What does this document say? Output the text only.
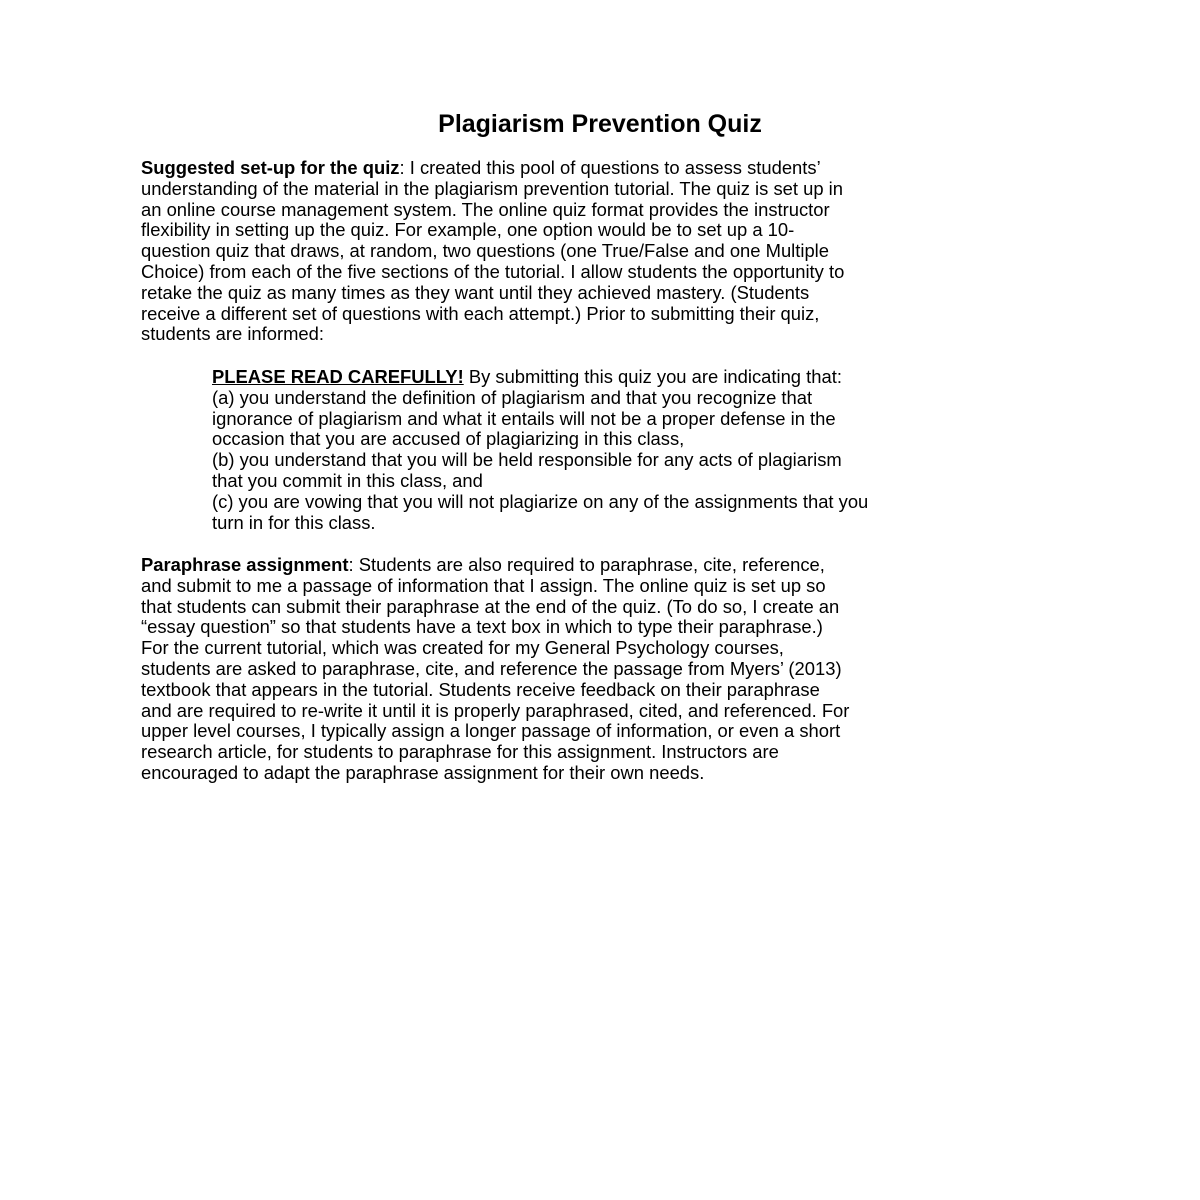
Plagiarism Prevention Quiz
Suggested set-up for the quiz: I created this pool of questions to assess students’
understanding of the material in the plagiarism prevention tutorial. The quiz is set up in
an online course management system. The online quiz format provides the instructor
flexibility in setting up the quiz. For example, one option would be to set up a 10-
question quiz that draws, at random, two questions (one True/False and one Multiple
Choice) from each of the five sections of the tutorial. I allow students the opportunity to
retake the quiz as many times as they want until they achieved mastery. (Students
receive a different set of questions with each attempt.) Prior to submitting their quiz,
students are informed:
PLEASE READ CAREFULLY! By submitting this quiz you are indicating that:
(a) you understand the definition of plagiarism and that you recognize that
ignorance of plagiarism and what it entails will not be a proper defense in the
occasion that you are accused of plagiarizing in this class,
(b) you understand that you will be held responsible for any acts of plagiarism
that you commit in this class, and
(c) you are vowing that you will not plagiarize on any of the assignments that you
turn in for this class.
Paraphrase assignment: Students are also required to paraphrase, cite, reference,
and submit to me a passage of information that I assign. The online quiz is set up so
that students can submit their paraphrase at the end of the quiz. (To do so, I create an
“essay question” so that students have a text box in which to type their paraphrase.)
For the current tutorial, which was created for my General Psychology courses,
students are asked to paraphrase, cite, and reference the passage from Myers’ (2013)
textbook that appears in the tutorial. Students receive feedback on their paraphrase
and are required to re-write it until it is properly paraphrased, cited, and referenced. For
upper level courses, I typically assign a longer passage of information, or even a short
research article, for students to paraphrase for this assignment. Instructors are
encouraged to adapt the paraphrase assignment for their own needs.
